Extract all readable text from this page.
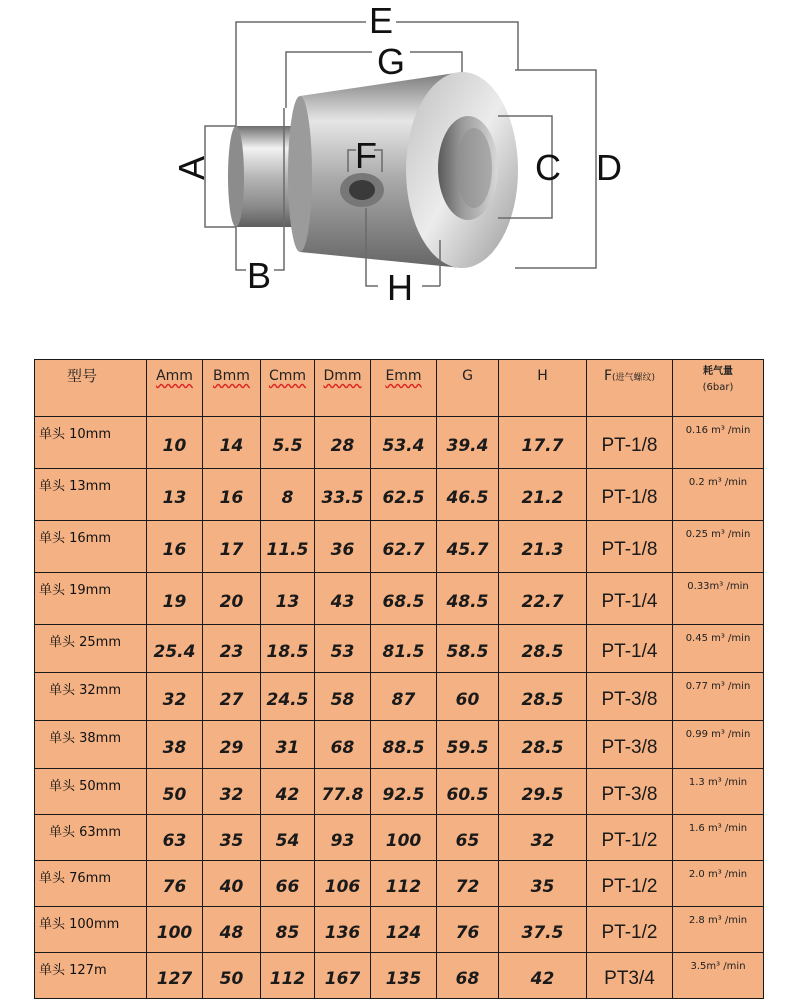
E
G
A	F	C D
B	H
型号	Amm	Bmm	Cmm	Dmm	Emm	G	H	F(进气螺纹)	耗气量
(6bar)

单头 10mm	10	14	5.5	28	53.4	39.4	17.7	PT-1/8	0.16 m³ /min
单头 13mm	13	16	8	33.5	62.5	46.5	21.2	PT-1/8	0.2 m³ /min
单头 16mm	16	17	11.5	36	62.7	45.7	21.3	PT-1/8	0.25 m³ /min
单头 19mm	19	20	13	43	68.5	48.5	22.7	PT-1/4	0.33m³ /min
单头 25mm	25.4	23	18.5	53	81.5	58.5	28.5	PT-1/4	0.45 m³ /min
单头 32mm	32	27	24.5	58	87	60	28.5	PT-3/8	0.77 m³ /min
单头 38mm	38	29	31	68	88.5	59.5	28.5	PT-3/8	0.99 m³ /min
单头 50mm	50	32	42	77.8	92.5	60.5	29.5	PT-3/8	1.3 m³ /min
单头 63mm	63	35	54	93	100	65	32	PT-1/2	1.6 m³ /min
单头 76mm	76	40	66	106	112	72	35	PT-1/2	2.0 m³ /min
单头 100mm	100	48	85	136	124	76	37.5	PT-1/2	2.8 m³ /min
单头 127m	127	50	112	167	135	68	42	PT3/4	3.5m³ /min
